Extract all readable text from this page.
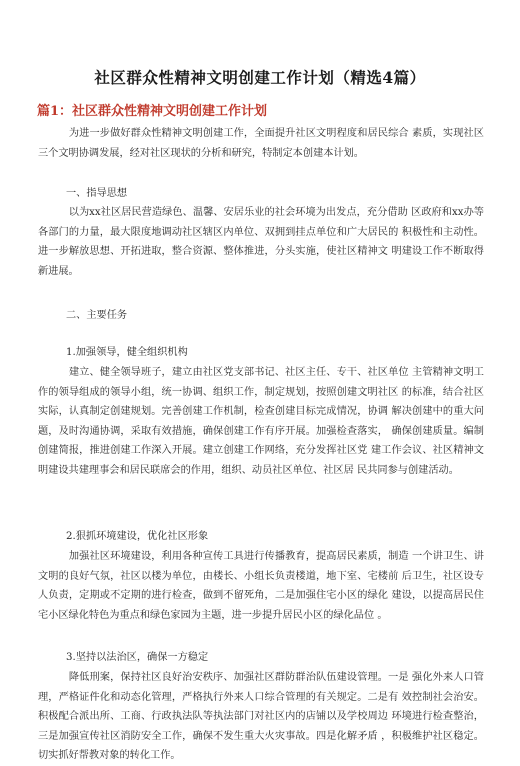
社区群众性精神文明创建工作计划（精选4篇）
篇1：社区群众性精神文明创建工作计划

　　　为进一步做好群众性精神文明创建工作，全面提升社区文明程度和居民综合 素质，实现社区三个文明协调发展，经对社区现状的分析和研究，特制定本创建本计划。

一、指导思想

　　　以为xx社区居民营造绿色、温馨、安居乐业的社会环境为出发点，充分借助 区政府和xx办等各部门的力量，最大限度地调动社区辖区内单位、双拥到挂点单位和广大居民的 积极性和主动性。进一步解放思想、开拓进取，整合资源、整体推进，分头实施，使社区精神文 明建设工作不断取得新进展。

二、主要任务
1.加强领导，健全组织机构

　　　建立、健全领导班子，建立由社区党支部书记、社区主任、专干、社区单位 主管精神文明工作的领导组成的领导小组，统一协调、组织工作，制定规划，按照创建文明社区 的标准，结合社区实际，认真制定创建规划。完善创建工作机制，检查创建目标完成情况，协调 解决创建中的重大问题，及时沟通协调，采取有效措施，确保创建工作有序开展。加强检查落实， 确保创建质量。编制创建简报，推进创建工作深入开展。建立创建工作网络，充分发挥社区党 建工作会议、社区精神文明建设共建理事会和居民联席会的作用，组织、动员社区单位、社区居 民共同参与创建活动。

2.狠抓环境建设，优化社区形象

　　　加强社区环境建设，利用各种宣传工具进行传播教育，提高居民素质，制造 一个讲卫生、讲文明的良好气氛，社区以楼为单位，由楼长、小组长负责楼道，地下室、宅楼前 后卫生，社区设专人负责，定期或不定期的进行检查，做到不留死角，二是加强住宅小区的绿化 建设，以提高居民住宅小区绿化特色为重点和绿色家园为主题，进一步提升居民小区的绿化品位 。

3.坚持以法治区，确保一方稳定

　　　降低刑案，保持社区良好治安秩序、加强社区群防群治队伍建设管理。一是 强化外来人口管理，严格证件化和动态化管理，严格执行外来人口综合管理的有关规定。二是有 效控制社会治安。积极配合派出所、工商、行政执法队等执法部门对社区内的店铺以及学校周边 环境进行检查整治，三是加强宣传社区消防安全工作，确保不发生重大火灾事故。四是化解矛盾 ，积极维护社区稳定。切实抓好帮教对象的转化工作。
